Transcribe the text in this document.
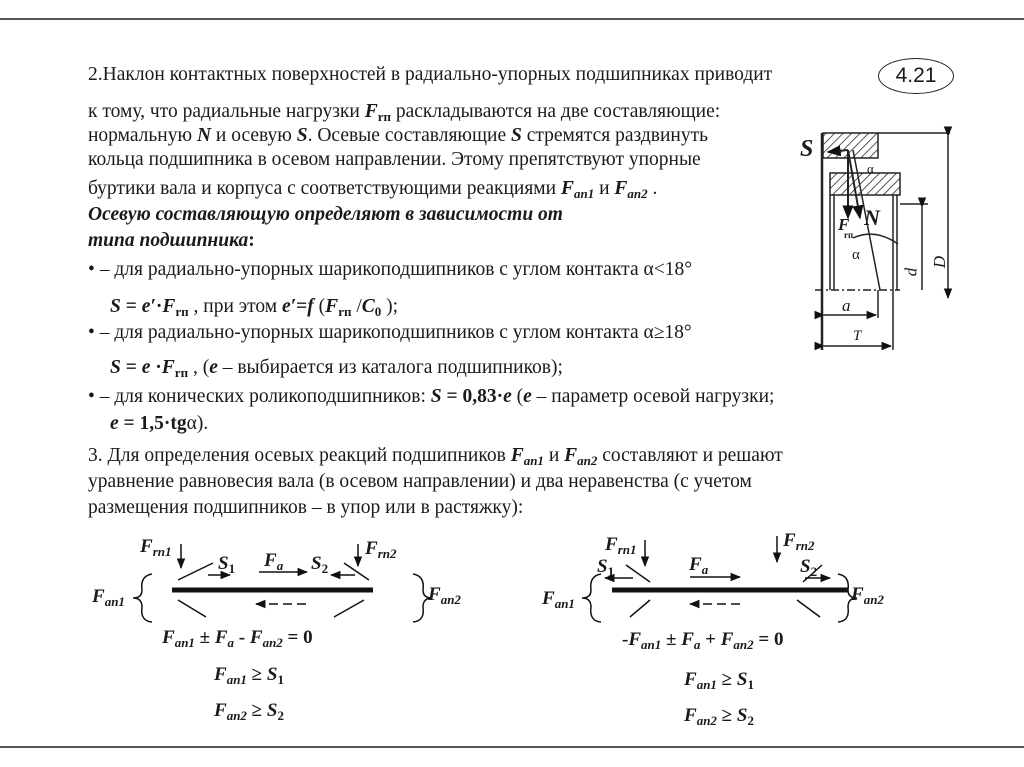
4.21
2.Наклон контактных поверхностей в радиально-упорных подшипниках приводит
к тому, что радиальные нагрузки $F_{rп}$ раскладываются на две составляющие:
нормальную N и осевую S. Осевые составляющие S стремятся раздвинуть
кольца подшипника в осевом направлении. Этому препятствуют упорные
буртики вала и корпуса с соответствующими реакциями $F_{aп1}$ и $F_{aп2}$ .
Осевую составляющую определяют в зависимости от
типа подшипника:
• – для радиально-упорных шарикоподшипников с углом контакта α<18°
$S = e'\cdot F_{rп}$ , при этом e′=f ($F_{rп}$ $/C_0$ );
• – для радиально-упорных шарикоподшипников с углом контакта α≥18°
$S = e \cdot F_{rп}$ , (e – выбирается из каталога подшипников);
• – для конических роликоподшипников: S = 0,83·e (e – параметр осевой нагрузки;
e = 1,5·tgα).
3. Для определения осевых реакций подшипников $F_{aп1}$ и $F_{aп2}$ составляют и решают
уравнение равновесия вала (в осевом направлении) и два неравенства (с учетом
размещения подшипников – в упор или в растяжку):
S
N
F
rп
α
α
a
T
d
D
$F_{rп1}$
$S_1$ $F_a$ $S_2$
$F_{rп2}$
$F_{aп1}$	$F_{aп2}$
$F_{aп1} \pm F_a - F_{aп2} = 0$
$F_{aп1} \ge S_1$
$F_{aп2} \ge S_2$
$F_{rп1}$
$S_1$	$F_a$
$F_{rп2}$
$S_2$
$F_{aп1}$	$F_{aп2}$
$-F_{aп1} \pm F_a + F_{aп2} = 0$
$F_{aп1} \ge S_1$
$F_{aп2} \ge S_2$
